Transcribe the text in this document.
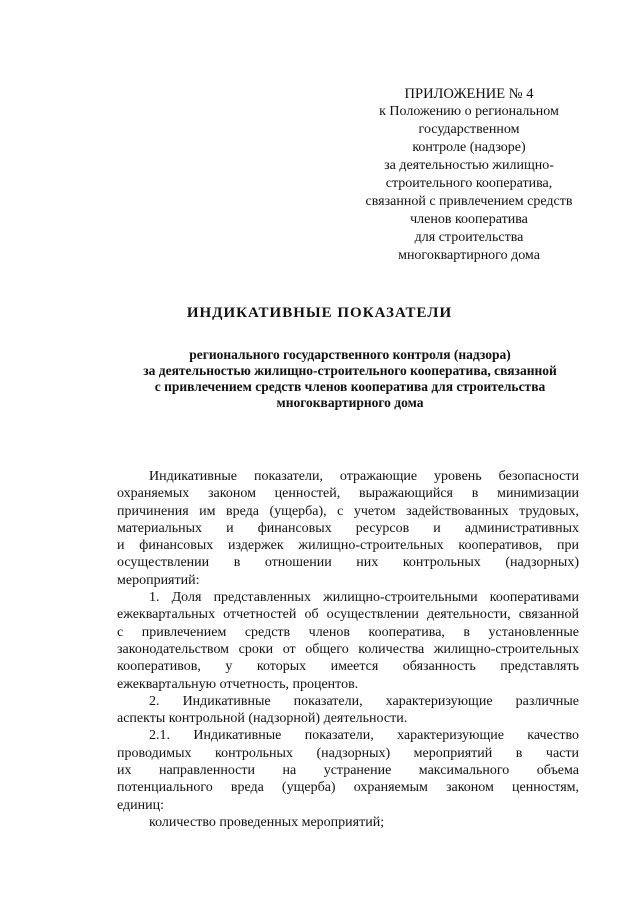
ПРИЛОЖЕНИЕ № 4
к Положению о региональном
государственном
контроле (надзоре)
за деятельностью жилищно-
строительного кооператива,
связанной с привлечением средств
членов кооператива
для строительства
многоквартирного дома
ИНДИКАТИВНЫЕ ПОКАЗАТЕЛИ
регионального государственного контроля (надзора)
за деятельностью жилищно-строительного кооператива, связанной
с привлечением средств членов кооператива для строительства
многоквартирного дома
Индикативные показатели, отражающие уровень безопасности
охраняемых законом ценностей, выражающийся в минимизации
причинения им вреда (ущерба), с учетом задействованных трудовых,
материальных и финансовых ресурсов и административных
и финансовых издержек жилищно-строительных кооперативов, при
осуществлении в отношении них контрольных (надзорных)
мероприятий:
1. Доля представленных жилищно-строительными кооперативами
ежеквартальных отчетностей об осуществлении деятельности, связанной
с привлечением средств членов кооператива, в установленные
законодательством сроки от общего количества жилищно-строительных
кооперативов, у которых имеется обязанность представлять
ежеквартальную отчетность, процентов.
2. Индикативные показатели, характеризующие различные
аспекты контрольной (надзорной) деятельности.
2.1. Индикативные показатели, характеризующие качество
проводимых контрольных (надзорных) мероприятий в части
их направленности на устранение максимального объема
потенциального вреда (ущерба) охраняемым законом ценностям,
единиц:
количество проведенных мероприятий;
